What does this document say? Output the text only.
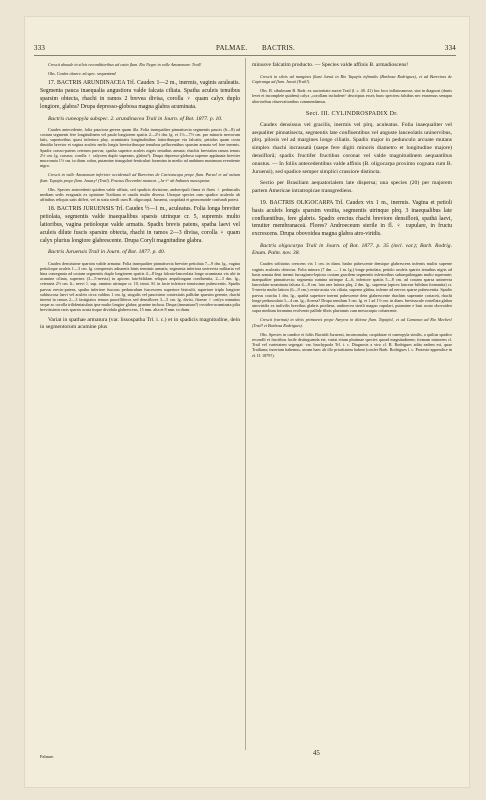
333	PALMAE. BACTRIS.	334

Crescit aboude in silvis reconditioribus ad catin flum. Rio Negro in valle Amazonum: Trail!

Obs. Confer observ. ad spec. sequentem!

17. BACTRIS ARUNDINACEA Trl. Caudex 1—2 m., inermis, vaginis aculeatis. Segmenta pauca inaequalia angustiora valde falcata ciliata. Spatha aculeis tenuibus sparsim obtecta, rhachi in ramos 2 brevea divisa, corolla ♀ quam calyx duplo longiore, glabra? Drupa depresso-globosa magna glabra acuminata.

Bactris cuneopyla subspec. 2. arundinacea Trail in Journ. of Bot. 1877. p. 10.

Caudex antecedente, folia pauciora gerens quam illa. Folia inaequaliter pinnatisecta segmentis paucis (6—8) ad costam segmenti fere longitudinem vel paulo longiorem spatiis 2—2½ dm. lg. et 1½—7½ cm. pro minoris nervorum latis, superioribus quasi inferiora pluy. acuminatis longitudinibus latioribusque via falcatis; petiolus quam costa dimidio brevior et vagina aculeis nerlis longis brevioribusque tenuibus pellucentibus sparsim armata vel fere inermis. Spadix crasso-patens ceterum parvus; spatha superior aculeis nigris tenuibus armata; rhachis breviatim ramos tenuis 2½ cm. lg. crassus; corolla ♀ calycem duplo superans, glabra?). Drupa depresso-globosa superne applanata breviter mucronata 1½ cm. in diam. rubra, putamine triangulari-lenticulari foramina in medio ad ambitum maximum evenitente nigro.

Crescit in valle Amazonum inferiore occidentali ad Barreiras de Carivancupu prope flum. Purus! et ad ostium flum. Tapajós prope flum. Jauary! (Trail). Fructus Decembri maturat. „Ja-i“ ab Indianis nuncupatur.

Obs. Species antecedenti quidem valde affinis, sed spadicis divisione, andoecipuli firma et floris ♀ pedunculis mediam sedis evagnatis ex opinione Trailiana et caudis mulio diversa. Utraque species cum spadice aculeolo ab affinibus reliquis satis differt, vel in statu sterili cum B. oligocarpā, Juruensi, cuspidatā et geonomoide confundi potest.

18. BACTRIS JURUENSIS Trl. Caudex ½—1 m., aculeatus. Folia longa breviter petiolata, segmentis valde inaequalibus sparsis utrinque cr. 5, supremis multo latioribus, vagina petioloque valde armatis. Spadix brevis patens, spatha laevi vel aculeis dilute fuscis sparsim obtecta, rhachi in ramos 2—3 divisa, corolla ♀ quam calyx plurius longiore glabrescente. Drupa Coryli magnitudine glabra.

Bactris Juruensis Trail in Journ. of Bot. 1877. p. 40.

Caudex densissime sparsim valide armatur. Folia inaequaliter pinnatisecta breviter petiolata 7—9 dm. lg., vagina petioloque aculeis 1—3 cm. lg. compressis adiuentis binis terminis armatis; segmenta inferiora univervia militaria vel bina conregnata ad costam segmentis duplo longiorem spatiis 4—8 lega falcato-lanceolata longe acuminata vix ubi in acumine ciliata, supernes (3—5-nervia) in apicem lato-bifidam reliquis aequilongum confluentia, 2—3 dm. lg., ceteraria 2½ cm. lt.; nervi 1. sup. omnino utrinque cr. 10, tenui. Sl. in facie inferiore tenuissime pubescentis. Spadix parvus erecto-patens, spatha inferiore fuscous pedunculum fuscescens superiore bisiculii, superiore triplo longiore subfuscosa laevi vel aculeis circa valdius 1 cm. lg. singulis vel paucisime contextatis pallidae sparsim gerente, rhachi inermi in ramos 2—3 fastigiatos tenuos puncilliferos sed densiflores 3—5 cm. lg. divisi, floreae ♀ orifyx minutius seque ac corolla trilidentatulata ipse multo longior glabra; granine inclusa. Drupa (immatura?) ovoideo-acuminata pilia breviissimis raris sparsis acuta iisque dividula glabrescens, 15 mm. alta et 8 mm. in diam.

Variat in spathae armatura (var. lissospatha Trl. i. c.) et in spadicis magnitudine, dein in segmentorum acumine plus

minusve falcatim producto. — Species valde affinis B. armadioscens!

Crescit in silvis ad margines flumi Juruá in Rio Tapajós infimulis (Barbosa Rodrigues), et ad Barreiras de Capiranga ad flum. Juruá (Trail!).

Obs. B. sibulosum B. Rodr. ex auctoritate auctei Trail (l. c. 40. 41) hoc loco inflatosmosse, sint in diagnosi (dunis levet et incomplete quidem) calyx „corollam includens“ descriptus esset; hunc specieru falsibus nec erasensus senupra ulterioribus observationibus commendamus.

Sect. III. CYLINDROSPADIX Dr.

Caudex densissus vel gracilis, inermis vel plrq. aculeatus. Folia inaequaliter vel aequaliter pinnatisecta, segmentis late confluentibus vel anguste lanceolatis uninervibus, plrq. pilosis vel ad margines longe ciliatis. Spadix major in pedunculo arcuate mutans simplex rhachi incrassatā (saepe fere digiti minoris diametro et longitudine majore) densiflorā; spadix fructifer fructibus coronat vel valde magnitudinem aequantibus onustus. — In foliis antecedentibus valde affinis (B. oligocarpa proximo cognata cum B. Juruensi), sed spadice semper simplici crassiore distincta.

Sectio per Brasiliam aequatorialem late dispersa; una species (20) per majorem partem Americae intratropicae transgrediens.

19. BACTRIS OLIGOCARPA Trl. Caudex vix 1 m., inermis. Vagina et petioli basis aculeis longis sparsim vestita, segmentis utrinque plrq. 3 inaequalibus late confluentibus, fere glabris. Spadix erectus rhachi breviore densiflorā, spathā laevi, tenuiter membranaceā. Flores? Androeceum sterile in fl. ♀ cupulare, in fructu excrescens. Drupa obovoidea magna glabra atro-viridis.

Bactris oligocarpa Trail in Journ. of Bot. 1877. p. 35 (incl. var.); Barb. Rodrig. Enum. Palm. nov. 38.

Caudex solitarius crescens vix 1 cm. in diam. basho pubescente densique glabrescens infernis multis superne vaginis aculeatis obtectus. Folia minora (7 dm. — 1 m. lg.) longe petiolata, petiolo aculeis sparsis tenuibus nigris ad basis armata deni inermi furcagineo-lepioso costam gracilem segmentis inferioribus subaequilongam multo superante; inaequaliter pinnatisecta; segmenta cumina utrinque 4—6, inferiore spatiis 5—8 cm. ad costam sparsa uninervia lanceolato-acuminata falcata 4—8 cm. lata rare latiora plrq. 2 dm. lg., suprema (apices lanceae bifidam formantia) cr. 5-nervia multo latiora (6—9 cm.) ovato-acuta vix ciliata, superne glabra, inferne ad nervos sparse pubescentia. Spadix parvus couchu 1 dm. lg., spathā superiore inermi pubescente dein glabrescente rhachim superante coriaceā, rhachi longe pedunculata 3—4 cm. lg.; floresa? Drupa semilum 3 cm. lg. et 1 ad 1½ cm. in diam. breviuscule rostellata glabra atroviridis ex indivilis brevibus glabris prodiens, androecea sterili magno cupulari, putamine e basi acuto obovoideo supra medium foramina evolvente pallide fibris pluriumis cum mesocarpio cohaerente.

Crescit (varinat) in silvis primaevis prope Aveyros in ditione flum. Tapajós!, et ad Camarao ad Rio Mecbes! (Trail! et Barbosa Rodrigues).

Obs. Species in candice et foliis Bactridi Juruensi, inconsonalar, cuspidatae et cuneopyla similis, a quilius spadice recondli et fructibus facile distinguenda est; variat etiam plurimae species quoad magnitudinem; formam minorem cl. Trail vel varietatem segregat: var. brachypoda Trl. i. c. Diagnosis a viro cl. B. Rodrigues adita eadem est, quae Trailiana; incertam habemus, utrum haec ab illo prioritatem habeat (confer Barb. Rodrigues l. c. Protesto-appendice in el. II. 1879?).

Palmae.	45
